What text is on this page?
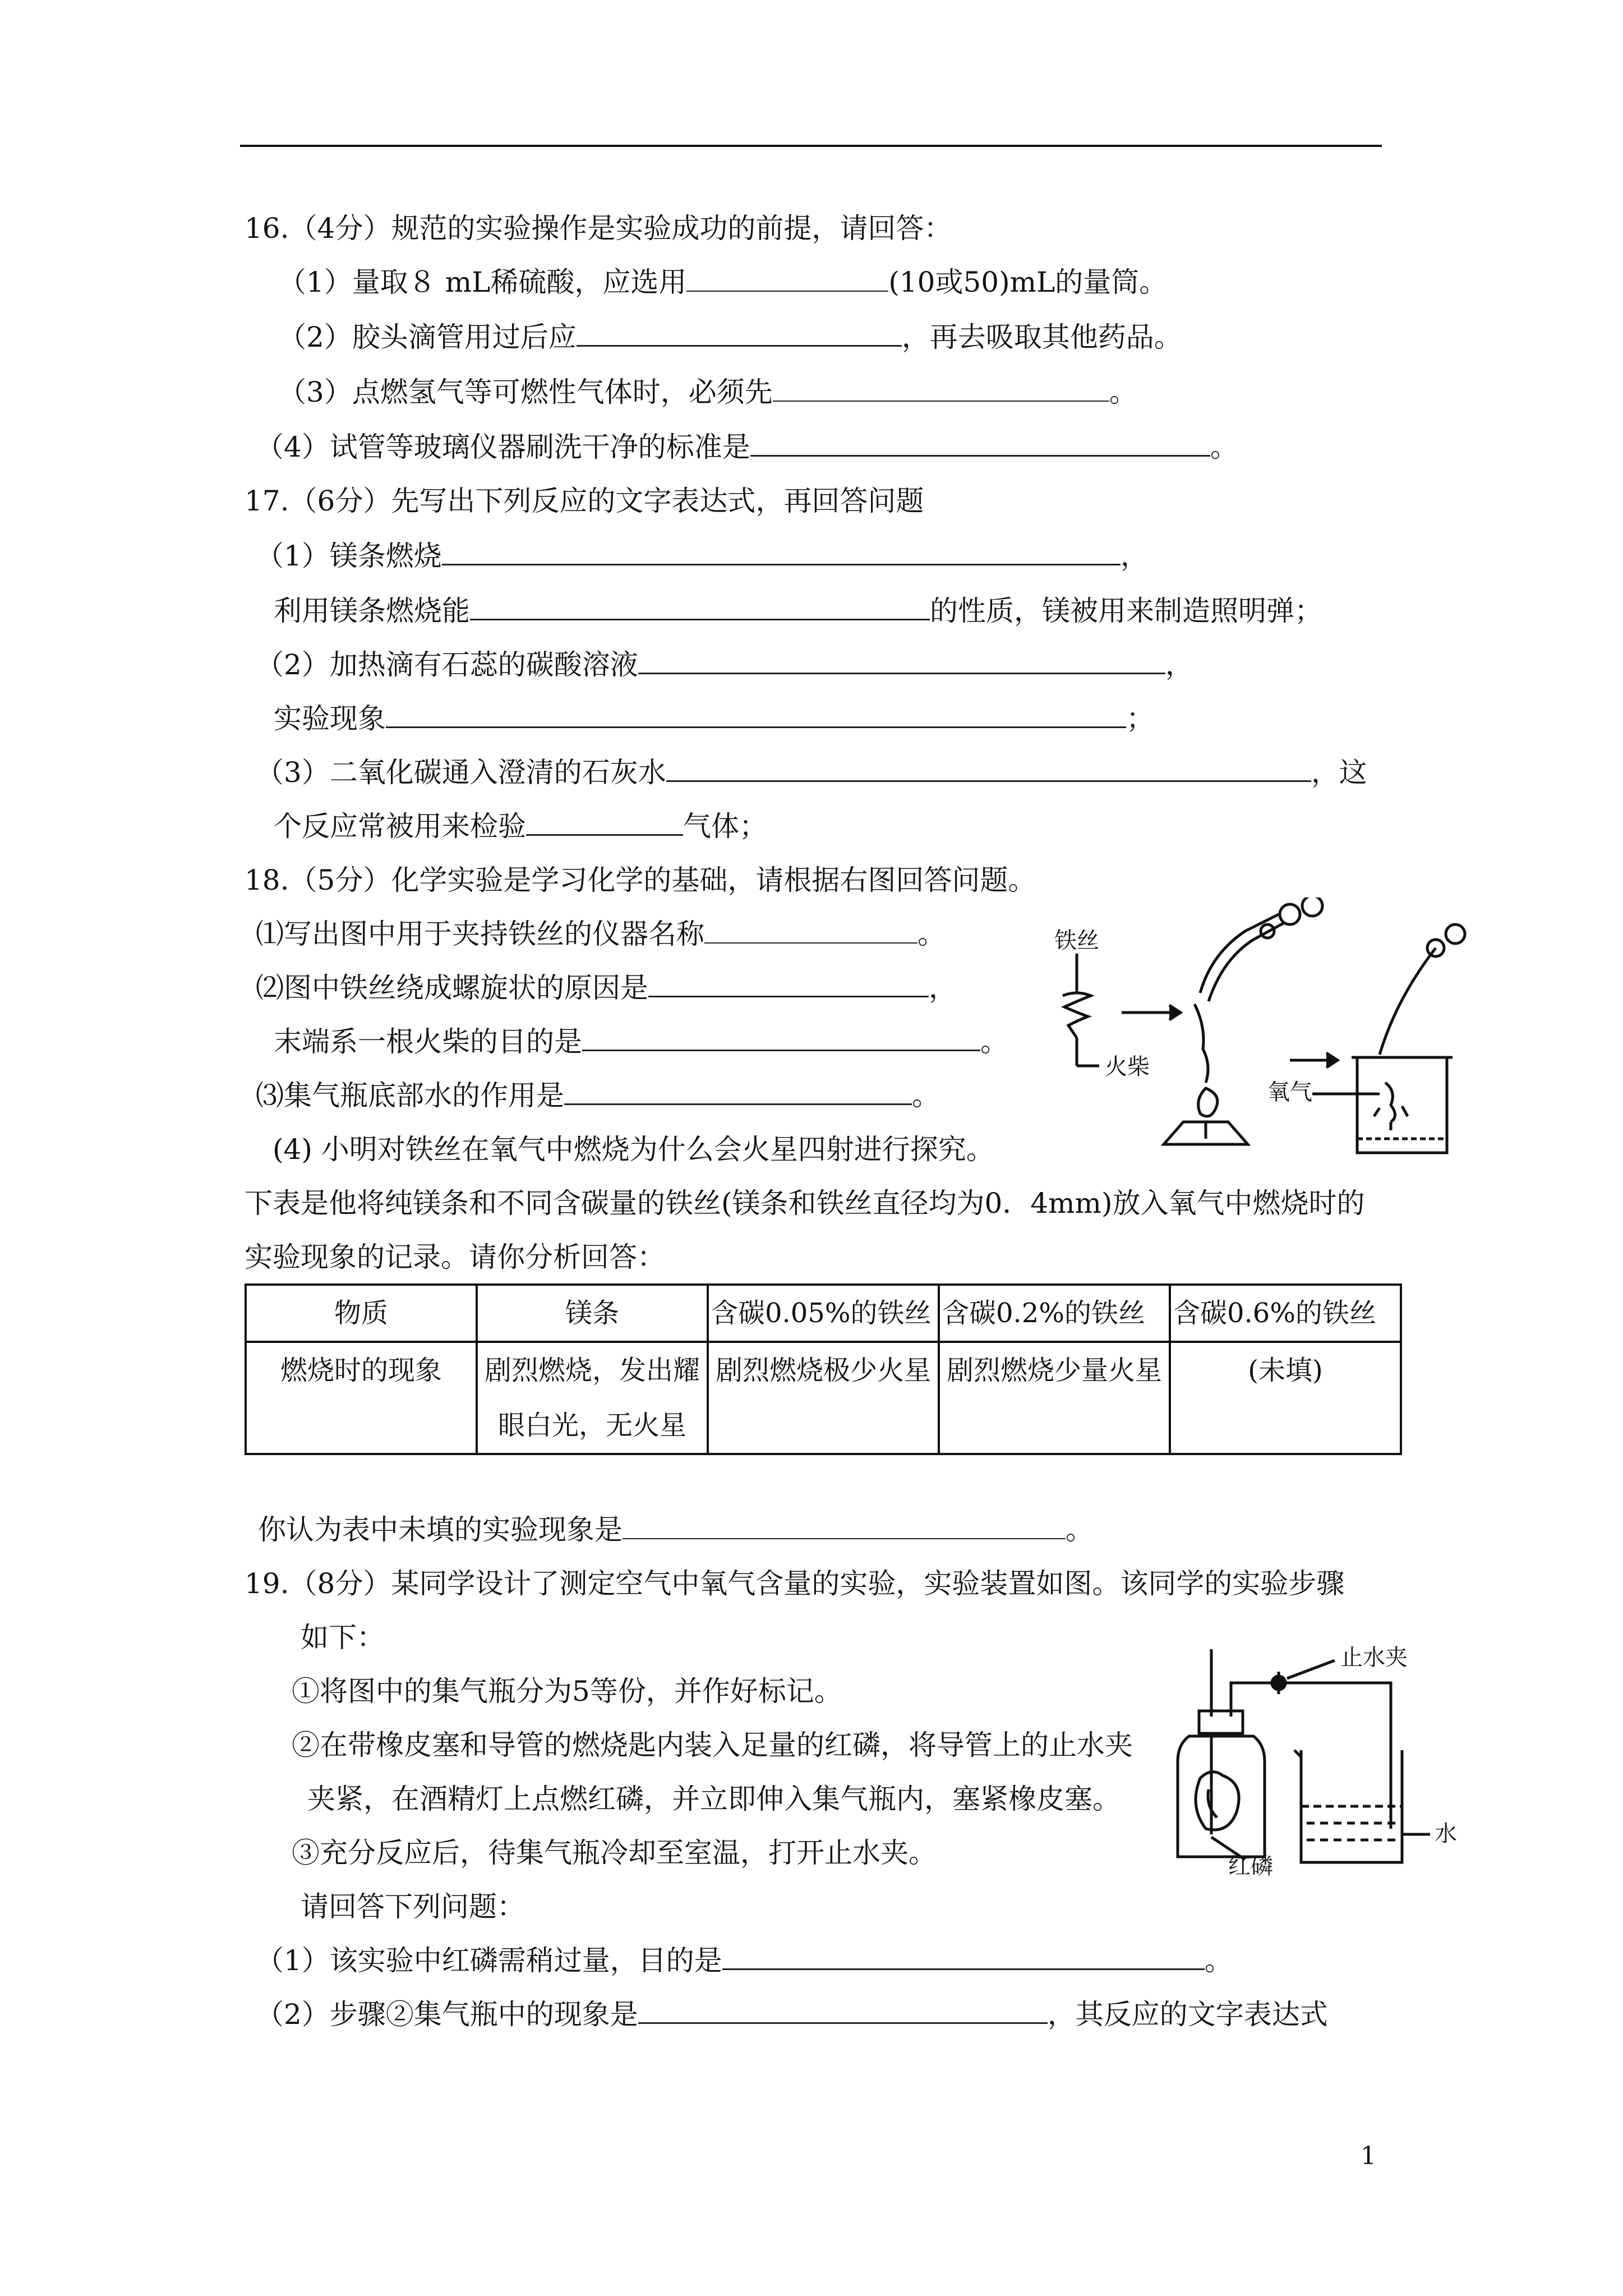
16.（4分）规范的实验操作是实验成功的前提，请回答：
（1）量取８ mL稀硫酸，应选用	(10或50)mL的量筒。
（2）胶头滴管用过后应	，再去吸取其他药品。
（3）点燃氢气等可燃性气体时，必须先	。
（4）试管等玻璃仪器刷洗干净的标准是	。
17.（6分）先写出下列反应的文字表达式，再回答问题
（1）镁条燃烧	，
利用镁条燃烧能	的性质，镁被用来制造照明弹；
（2）加热滴有石蕊的碳酸溶液	，
实验现象	；
（3）二氧化碳通入澄清的石灰水	，这
个反应常被用来检验	气体；
18.（5分）化学实验是学习化学的基础，请根据右图回答问题。
⑴写出图中用于夹持铁丝的仪器名称	。
⑵图中铁丝绕成螺旋状的原因是	，
末端系一根火柴的目的是	。
⑶集气瓶底部水的作用是	。
(4) 小明对铁丝在氧气中燃烧为什么会火星四射进行探究。
下表是他将纯镁条和不同含碳量的铁丝(镁条和铁丝直径均为0．4mm)放入氧气中燃烧时的
实验现象的记录。请你分析回答：
铁丝
火柴
氧气
物质	镁条	含碳0.05%的铁丝	含碳0.2%的铁丝	含碳0.6%的铁丝
燃烧时的现象	剧烈燃烧，发出耀眼白光，无火星	剧烈燃烧极少火星	剧烈燃烧少量火星	(未填)
你认为表中未填的实验现象是	。
19.（8分）某同学设计了测定空气中氧气含量的实验，实验装置如图。该同学的实验步骤
如下：
①将图中的集气瓶分为5等份，并作好标记。
②在带橡皮塞和导管的燃烧匙内装入足量的红磷，将导管上的止水夹
夹紧，在酒精灯上点燃红磷，并立即伸入集气瓶内，塞紧橡皮塞。
③充分反应后，待集气瓶冷却至室温，打开止水夹。
请回答下列问题：
（1）该实验中红磷需稍过量，目的是	。
（2）步骤②集气瓶中的现象是	，其反应的文字表达式
止水夹
红磷
水
1
